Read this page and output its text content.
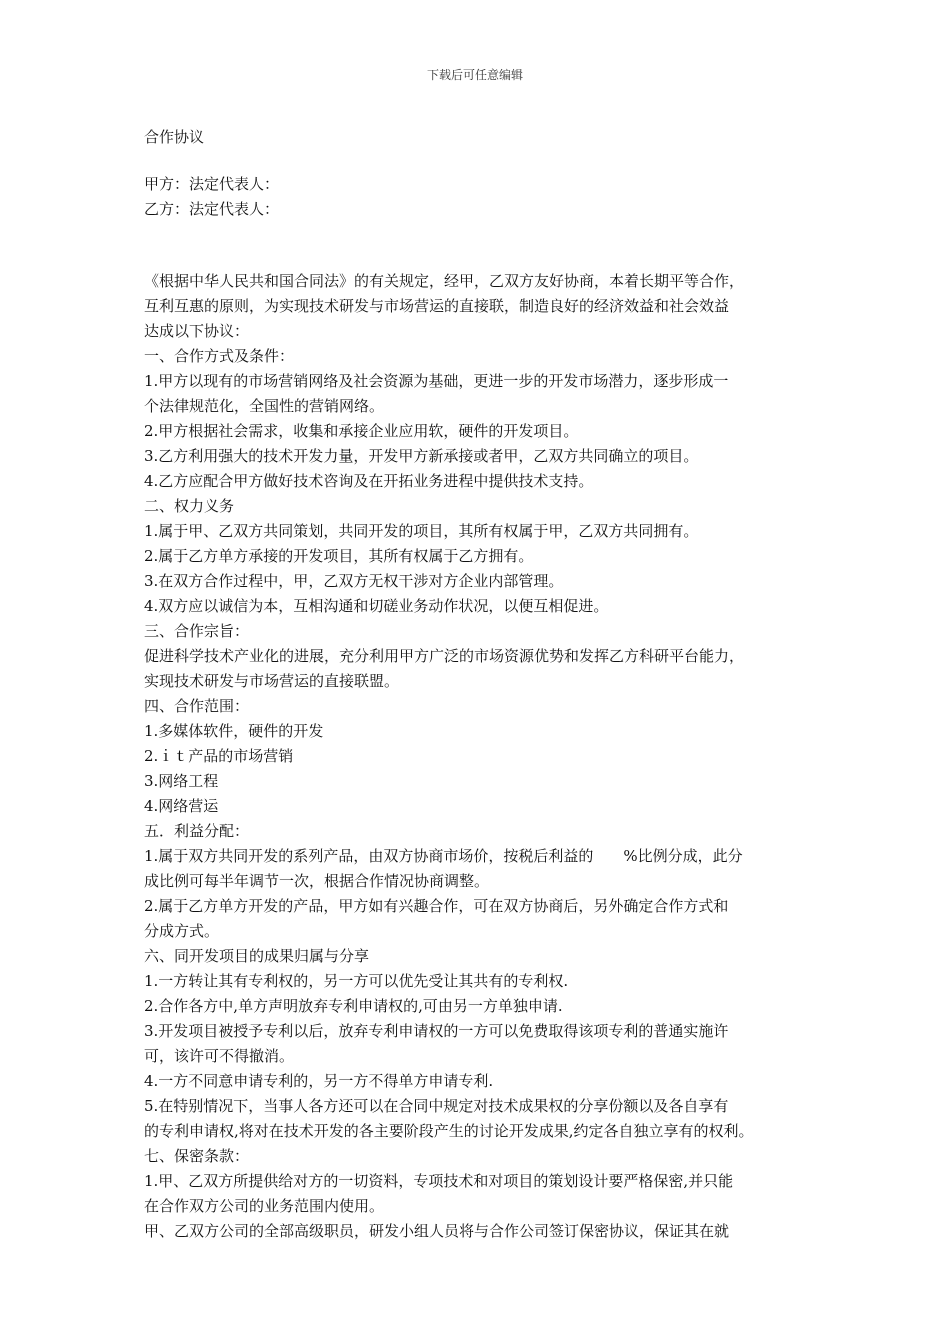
下载后可任意编辑
合作协议

甲方：法定代表人：

乙方：法定代表人：

《根据中华人民共和国合同法》的有关规定，经甲，乙双方友好协商，本着长期平等合作，

互利互惠的原则，为实现技术研发与市场营运的直接联，制造良好的经济效益和社会效益

达成以下协议：

一、合作方式及条件：

1.甲方以现有的市场营销网络及社会资源为基础，更进一步的开发市场潜力，逐步形成一

个法律规范化，全国性的营销网络。

2.甲方根据社会需求，收集和承接企业应用软，硬件的开发项目。

3.乙方利用强大的技术开发力量，开发甲方新承接或者甲，乙双方共同确立的项目。

4.乙方应配合甲方做好技术咨询及在开拓业务进程中提供技术支持。

二、权力义务

1.属于甲、乙双方共同策划，共同开发的项目，其所有权属于甲，乙双方共同拥有。

2.属于乙方单方承接的开发项目，其所有权属于乙方拥有。

3.在双方合作过程中，甲，乙双方无权干涉对方企业内部管理。

4.双方应以诚信为本，互相沟通和切磋业务动作状况，以便互相促进。

三、合作宗旨：

促进科学技术产业化的进展，充分利用甲方广泛的市场资源优势和发挥乙方科研平台能力，

实现技术研发与市场营运的直接联盟。

四、合作范围：

1.多媒体软件，硬件的开发

2.ｉｔ产品的市场营销

3.网络工程

4.网络营运

五．利益分配：

1.属于双方共同开发的系列产品，由双方协商市场价，按税后利益的　　%比例分成，此分

成比例可每半年调节一次，根据合作情况协商调整。

2.属于乙方单方开发的产品，甲方如有兴趣合作，可在双方协商后，另外确定合作方式和

分成方式。

六、同开发项目的成果归属与分享

1.一方转让其有专利权的，另一方可以优先受让其共有的专利权.

2.合作各方中,单方声明放弃专利申请权的,可由另一方单独申请.

3.开发项目被授予专利以后，放弃专利申请权的一方可以免费取得该项专利的普通实施许

可，该许可不得撤消。

4.一方不同意申请专利的，另一方不得单方申请专利.

5.在特别情况下，当事人各方还可以在合同中规定对技术成果权的分享份额以及各自享有

的专利申请权,将对在技术开发的各主要阶段产生的讨论开发成果,约定各自独立享有的权利。

七、保密条款：

1.甲、乙双方所提供给对方的一切资料，专项技术和对项目的策划设计要严格保密,并只能

在合作双方公司的业务范围内使用。

甲、乙双方公司的全部高级职员，研发小组人员将与合作公司签订保密协议，保证其在就
